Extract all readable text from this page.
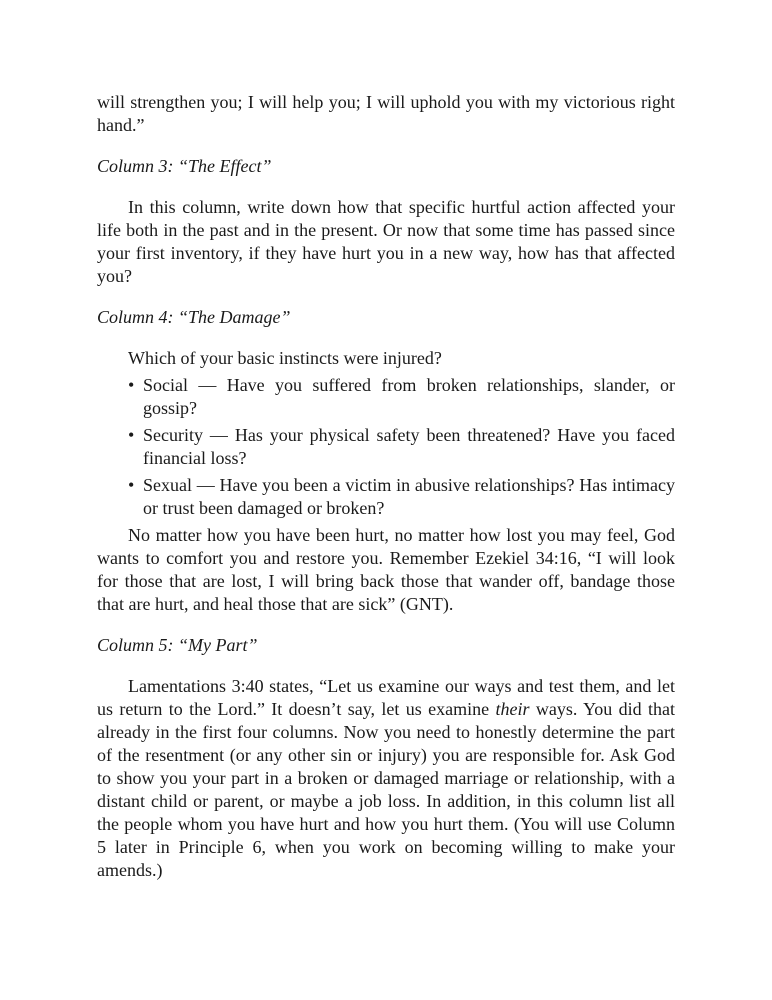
will strengthen you; I will help you; I will uphold you with my victorious right hand.”

Column 3: “The Effect”

In this column, write down how that specific hurtful action affected your life both in the past and in the present. Or now that some time has passed since your first inventory, if they have hurt you in a new way, how has that affected you?

Column 4: “The Damage”

Which of your basic instincts were injured?

• Social — Have you suffered from broken relationships, slander, or gossip?
• Security — Has your physical safety been threatened? Have you faced financial loss?
• Sexual — Have you been a victim in abusive relationships? Has intimacy or trust been damaged or broken?

No matter how you have been hurt, no matter how lost you may feel, God wants to comfort you and restore you. Remember Ezekiel 34:16, “I will look for those that are lost, I will bring back those that wander off, bandage those that are hurt, and heal those that are sick” (GNT).

Column 5: “My Part”

Lamentations 3:40 states, “Let us examine our ways and test them, and let us return to the Lord.” It doesn’t say, let us examine their ways. You did that already in the first four columns. Now you need to honestly determine the part of the resentment (or any other sin or injury) you are responsible for. Ask God to show you your part in a broken or damaged marriage or relationship, with a distant child or parent, or maybe a job loss. In addition, in this column list all the people whom you have hurt and how you hurt them. (You will use Column 5 later in Principle 6, when you work on becoming willing to make your amends.)
